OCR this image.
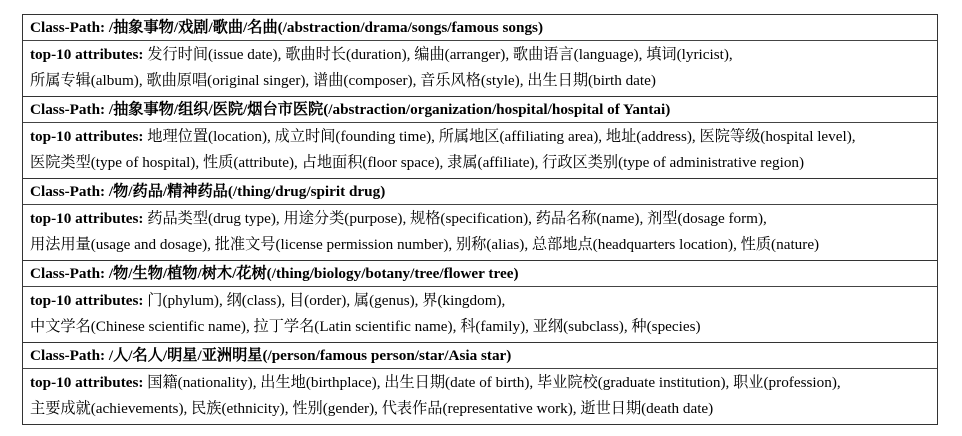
Class-Path: /抽象事物/戏剧/歌曲/名曲(/abstraction/drama/songs/famous songs)
top-10 attributes: 发行时间(issue date), 歌曲时长(duration), 编曲(arranger), 歌曲语言(language), 填词(lyricist),
所属专辑(album), 歌曲原唱(original singer), 谱曲(composer), 音乐风格(style), 出生日期(birth date)
Class-Path: /抽象事物/组织/医院/烟台市医院(/abstraction/organization/hospital/hospital of Yantai)
top-10 attributes: 地理位置(location), 成立时间(founding time), 所属地区(affiliating area), 地址(address), 医院等级(hospital level),
医院类型(type of hospital), 性质(attribute), 占地面积(floor space), 隶属(affiliate), 行政区类别(type of administrative region)
Class-Path: /物/药品/精神药品(/thing/drug/spirit drug)
top-10 attributes: 药品类型(drug type), 用途分类(purpose), 规格(specification), 药品名称(name), 剂型(dosage form),
用法用量(usage and dosage), 批准文号(license permission number), 别称(alias), 总部地点(headquarters location), 性质(nature)
Class-Path: /物/生物/植物/树木/花树(/thing/biology/botany/tree/flower tree)
top-10 attributes: 门(phylum), 纲(class), 目(order), 属(genus), 界(kingdom),
中文学名(Chinese scientific name), 拉丁学名(Latin scientific name), 科(family), 亚纲(subclass), 种(species)
Class-Path: /人/名人/明星/亚洲明星(/person/famous person/star/Asia star)
top-10 attributes: 国籍(nationality), 出生地(birthplace), 出生日期(date of birth), 毕业院校(graduate institution), 职业(profession),
主要成就(achievements), 民族(ethnicity), 性别(gender), 代表作品(representative work), 逝世日期(death date)
